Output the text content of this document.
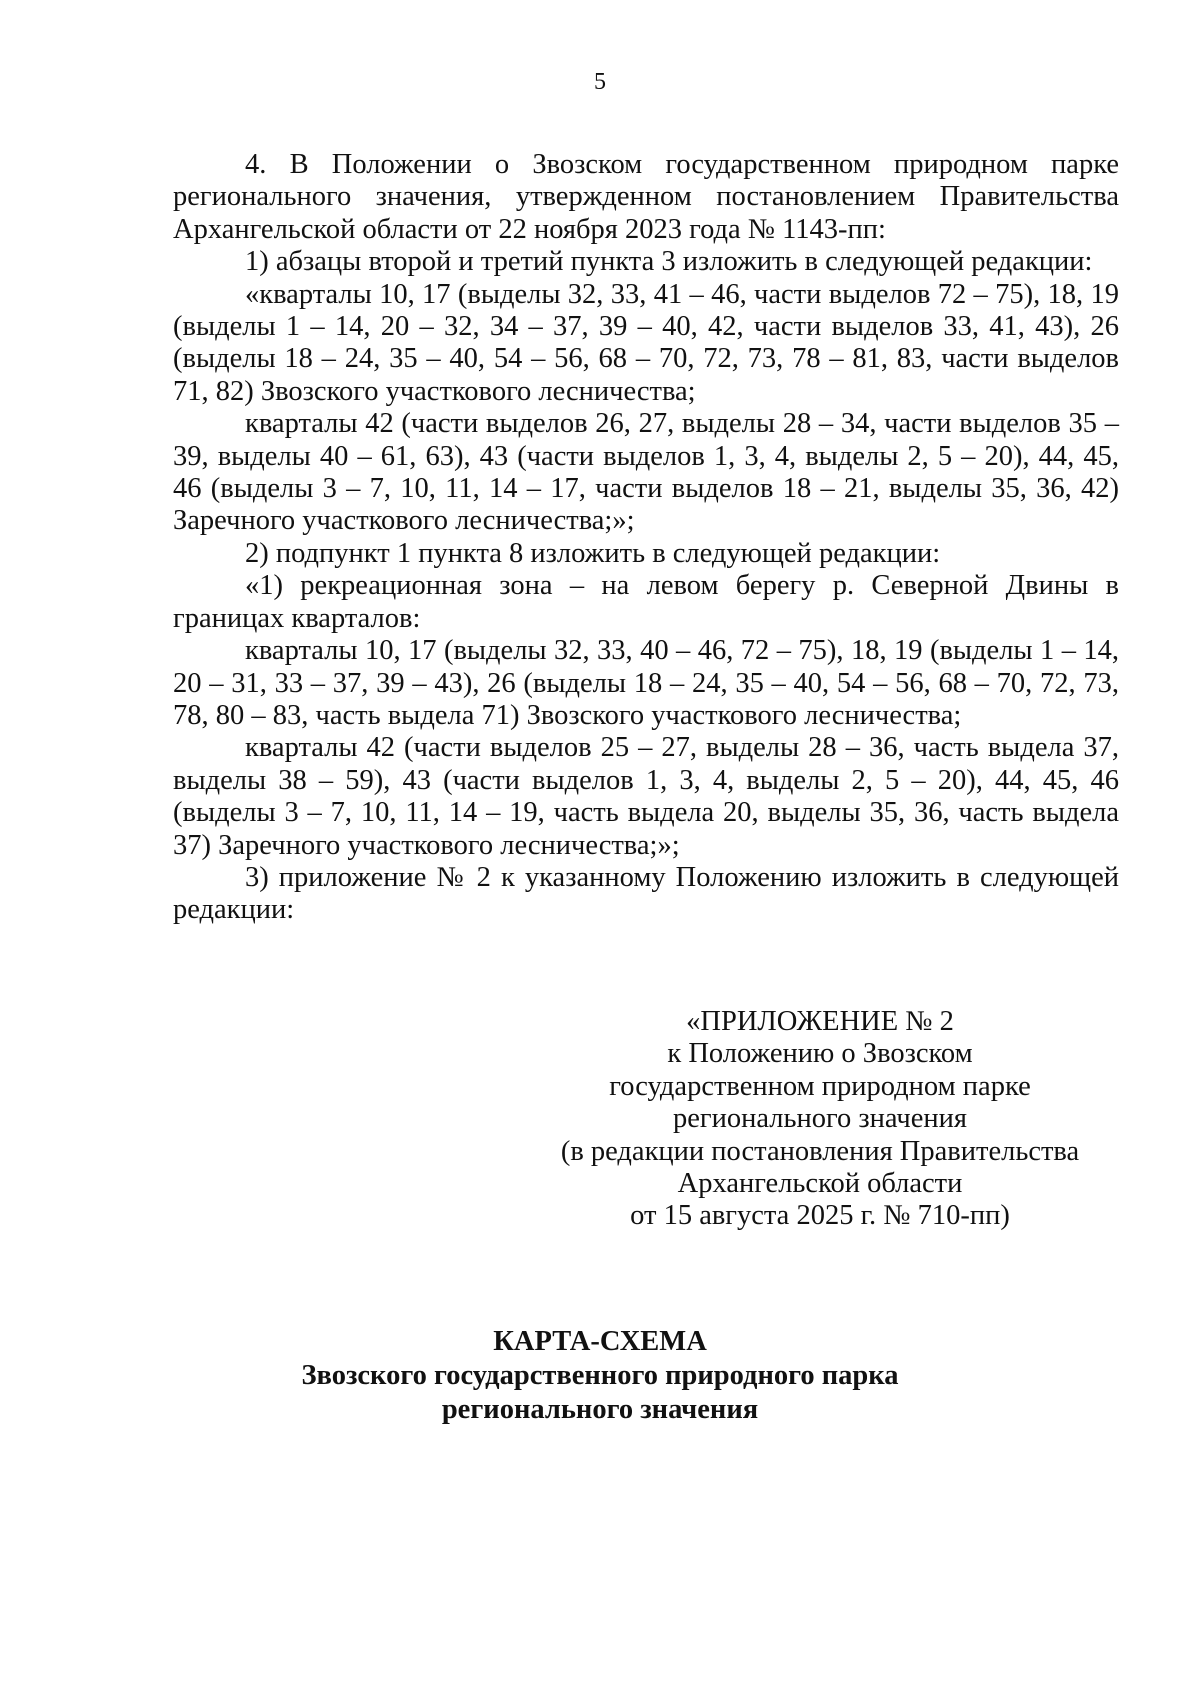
5

4. В Положении о Звозском государственном природном парке регионального значения, утвержденном постановлением Правительства Архангельской области от 22 ноября 2023 года № 1143-пп:

1) абзацы второй и третий пункта 3 изложить в следующей редакции:

«кварталы 10, 17 (выделы 32, 33, 41 – 46, части выделов 72 – 75), 18, 19 (выделы 1 – 14, 20 – 32, 34 – 37, 39 – 40, 42, части выделов 33, 41, 43), 26 (выделы 18 – 24, 35 – 40, 54 – 56, 68 – 70, 72, 73, 78 – 81, 83, части выделов 71, 82) Звозского участкового лесничества;

кварталы 42 (части выделов 26, 27, выделы 28 – 34, части выделов 35 – 39, выделы 40 – 61, 63), 43 (части выделов 1, 3, 4, выделы 2, 5 – 20), 44, 45, 46 (выделы 3 – 7, 10, 11, 14 – 17, части выделов 18 – 21, выделы 35, 36, 42) Заречного участкового лесничества;»;

2) подпункт 1 пункта 8 изложить в следующей редакции:

«1) рекреационная зона – на левом берегу р. Северной Двины в границах кварталов:

кварталы 10, 17 (выделы 32, 33, 40 – 46, 72 – 75), 18, 19 (выделы 1 – 14, 20 – 31, 33 – 37, 39 – 43), 26 (выделы 18 – 24, 35 – 40, 54 – 56, 68 – 70, 72, 73, 78, 80 – 83, часть выдела 71) Звозского участкового лесничества;

кварталы 42 (части выделов 25 – 27, выделы 28 – 36, часть выдела 37, выделы 38 – 59), 43 (части выделов 1, 3, 4, выделы 2, 5 – 20), 44, 45, 46 (выделы 3 – 7, 10, 11, 14 – 19, часть выдела 20, выделы 35, 36, часть выдела 37) Заречного участкового лесничества;»;

3) приложение № 2 к указанному Положению изложить в следующей редакции:

«ПРИЛОЖЕНИЕ № 2
к Положению о Звозском
государственном природном парке
регионального значения
(в редакции постановления Правительства
Архангельской области
от 15 августа 2025 г. № 710-пп)
КАРТА-СХЕМА
Звозского государственного природного парка
регионального значения
